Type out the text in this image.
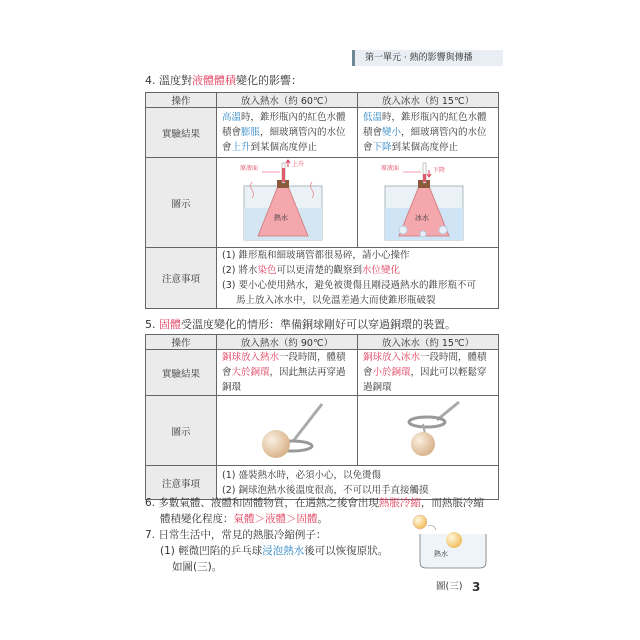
第一單元 · 熱的影響與傳播
4. 溫度對液體體積變化的影響：
操作	放入熱水（約 60℃）	放入冰水（約 15℃）
實驗結果	高溫時，錐形瓶內的紅色水體積會膨脹，細玻璃管內的水位會上升到某個高度停止	低溫時，錐形瓶內的紅色水體積會變小，細玻璃管內的水位會下降到某個高度停止
圖示	原液面
上升
熱水	原液面 下降
冰水

注意事項	(1) 錐形瓶和細玻璃管都很易碎，請小心操作
(2) 將水染色可以更清楚的觀察到水位變化
(3) 要小心使用熱水，避免被燙傷且剛浸過熱水的錐形瓶不可
馬上放入冰水中，以免溫差過大而使錐形瓶破裂	
5. 固體受溫度變化的情形：準備銅球剛好可以穿過銅環的裝置。
操作	放入熱水（約 90℃）	放入冰水（約 15℃）
實驗結果	銅球放入熱水一段時間，體積會大於銅環，因此無法再穿過銅環	銅球放入冰水一段時間，體積會小於銅環，因此可以輕鬆穿過銅環
圖示		
注意事項	(1) 盛裝熱水時，必須小心，以免燙傷
(2) 銅球泡熱水後溫度很高，不可以用手直接觸摸	
6. 多數氣體、液體和固體物質，在遇熱之後會出現熱脹冷縮，而熱脹冷縮
體積變化程度：氣體＞液體＞固體。
7. 日常生活中，常見的熱脹冷縮例子：
(1) 輕微凹陷的乒乓球浸泡熱水後可以恢復原狀。
如圖(三)。
熱水
圖(三) 3
